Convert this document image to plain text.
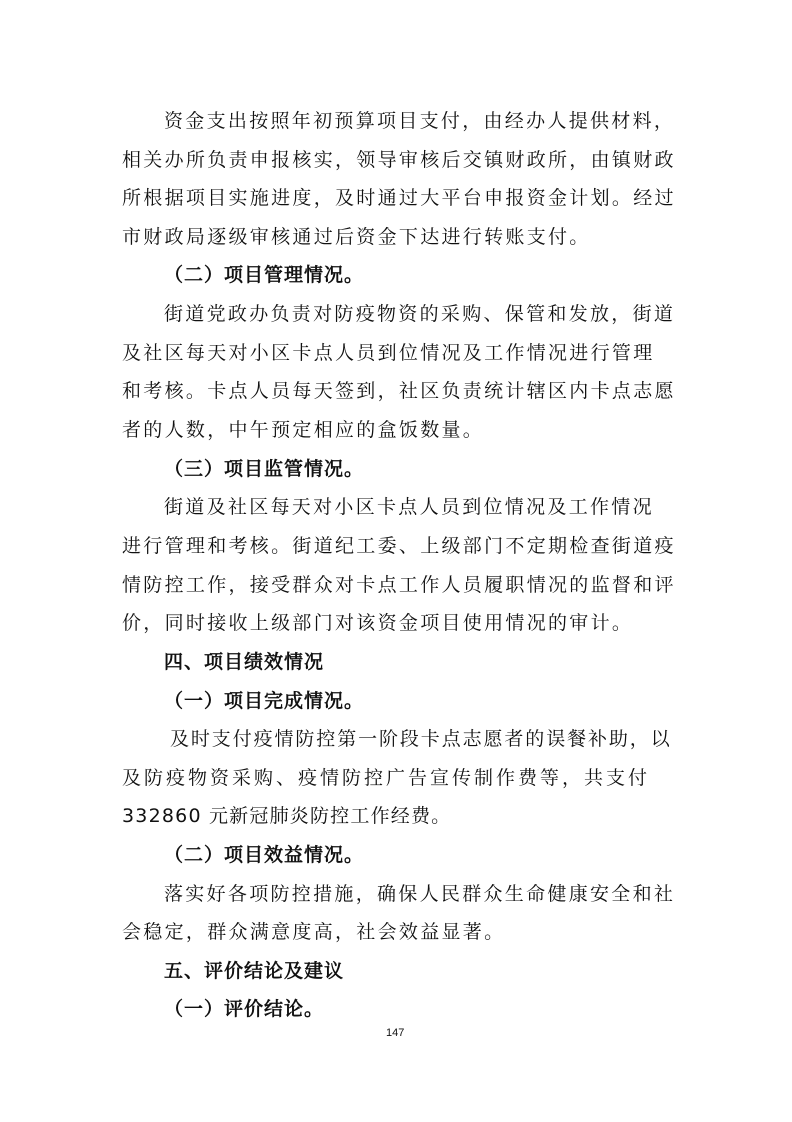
资金支出按照年初预算项目支付，由经办人提供材料，
相关办所负责申报核实，领导审核后交镇财政所，由镇财政
所根据项目实施进度，及时通过大平台申报资金计划。经过
市财政局逐级审核通过后资金下达进行转账支付。
（二）项目管理情况。
街道党政办负责对防疫物资的采购、保管和发放，街道
及社区每天对小区卡点人员到位情况及工作情况进行管理
和考核。卡点人员每天签到，社区负责统计辖区内卡点志愿
者的人数，中午预定相应的盒饭数量。
（三）项目监管情况。
街道及社区每天对小区卡点人员到位情况及工作情况
进行管理和考核。街道纪工委、上级部门不定期检查街道疫
情防控工作，接受群众对卡点工作人员履职情况的监督和评
价，同时接收上级部门对该资金项目使用情况的审计。
四、项目绩效情况
（一）项目完成情况。
及时支付疫情防控第一阶段卡点志愿者的误餐补助，以
及防疫物资采购、疫情防控广告宣传制作费等，共支付
332860 元新冠肺炎防控工作经费。
（二）项目效益情况。
落实好各项防控措施，确保人民群众生命健康安全和社
会稳定，群众满意度高，社会效益显著。
五、评价结论及建议
（一）评价结论。
147
